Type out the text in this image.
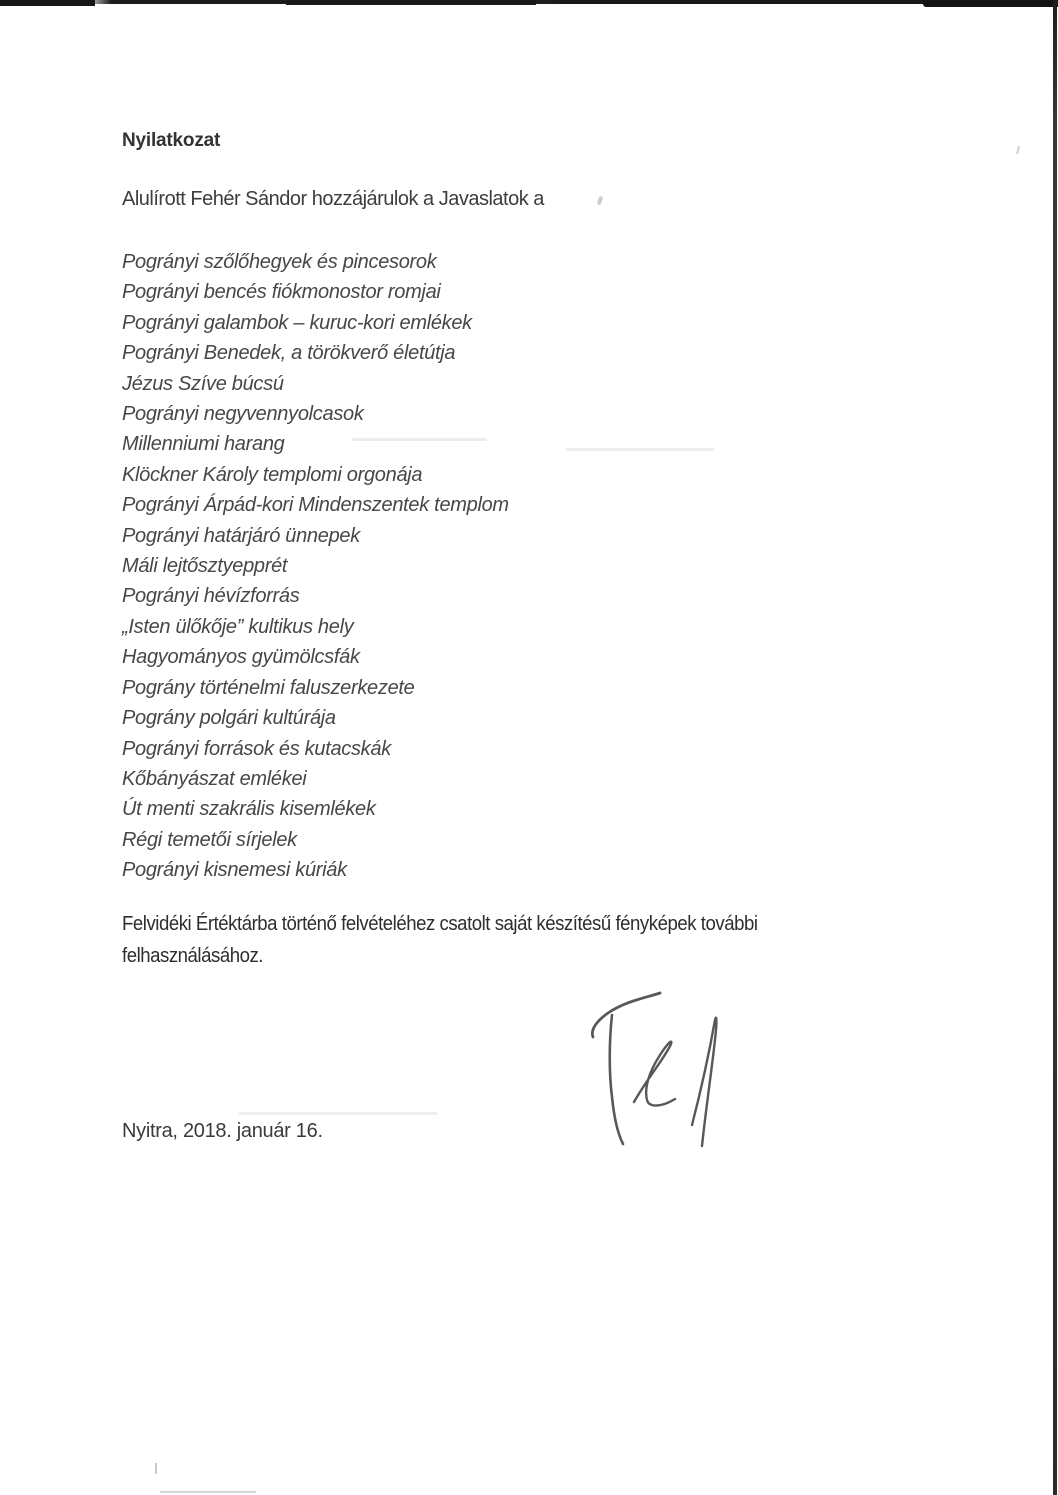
Nyilatkozat

Alulírott Fehér Sándor hozzájárulok a Javaslatok a

Pogrányi szőlőhegyek és pincesorok
Pogrányi bencés fiókmonostor romjai
Pogrányi galambok – kuruc-kori emlékek
Pogrányi Benedek, a törökverő életútja
Jézus Szíve búcsú
Pogrányi negyvennyolcasok
Millenniumi harang
Klöckner Károly templomi orgonája
Pogrányi Árpád-kori Mindenszentek templom
Pogrányi határjáró ünnepek
Máli lejtősztyepprét
Pogrányi hévízforrás
„Isten ülőkője” kultikus hely
Hagyományos gyümölcsfák
Pográny történelmi faluszerkezete
Pográny polgári kultúrája
Pogrányi források és kutacskák
Kőbányászat emlékei
Út menti szakrális kisemlékek
Régi temetői sírjelek
Pogrányi kisnemesi kúriák
Felvidéki Értéktárba történő felvételéhez csatolt saját készítésű fényképek további
felhasználásához.

Nyitra, 2018. január 16.
